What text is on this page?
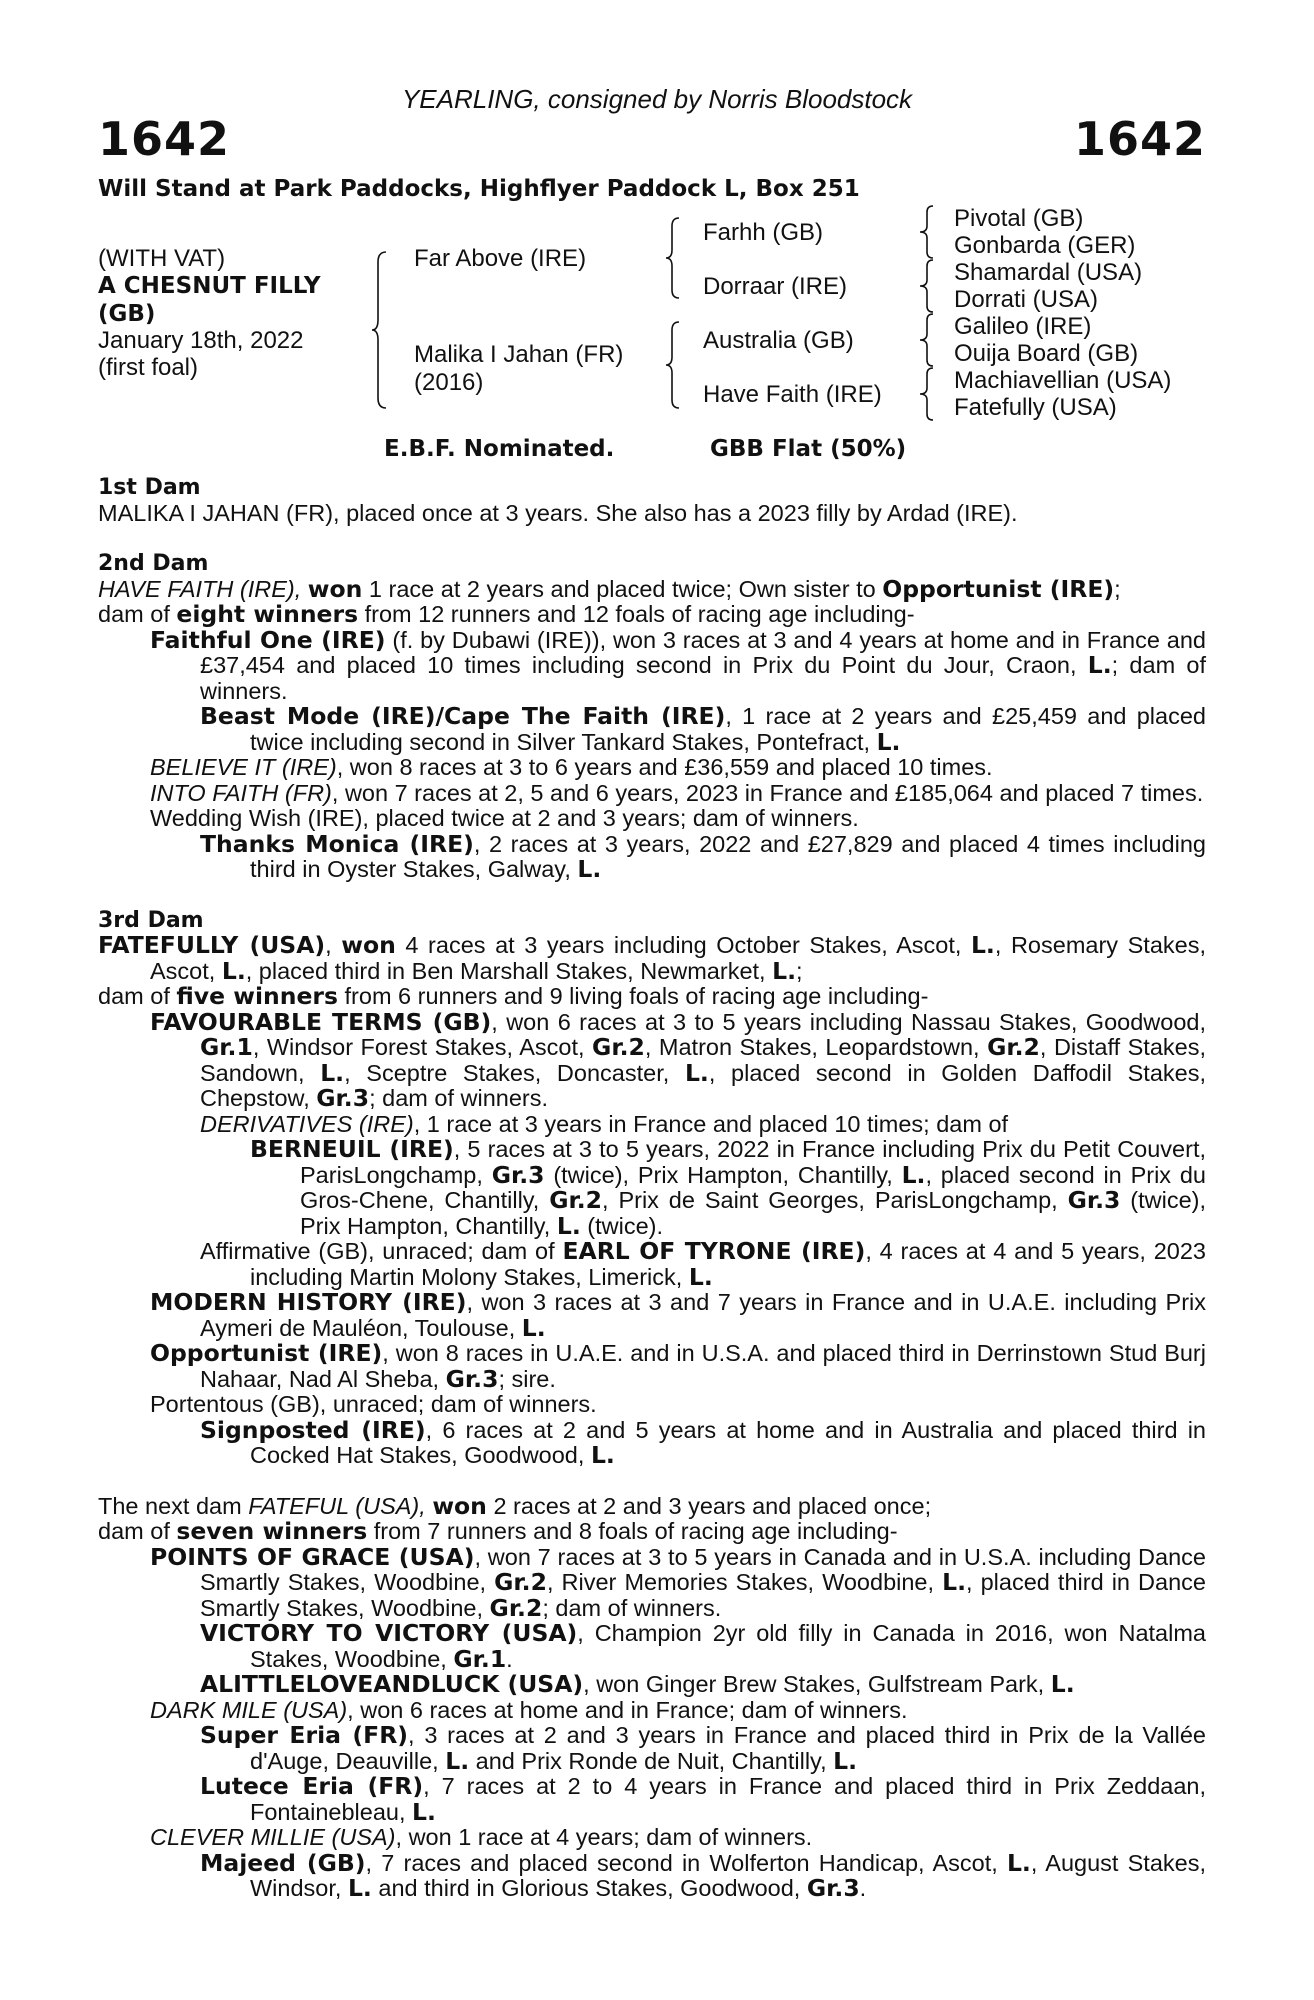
YEARLING, consigned by Norris Bloodstock
1642	1642
Will Stand at Park Paddocks, Highflyer Paddock L, Box 251
(WITH VAT)
A CHESNUT FILLY
(GB)
January 18th, 2022
(first foal)
Far Above (IRE)
Malika I Jahan (FR)
(2016)
Farhh (GB)
Dorraar (IRE)
Australia (GB)
Have Faith (IRE)
Pivotal (GB)
Gonbarda (GER)
Shamardal (USA)
Dorrati (USA)
Galileo (IRE)
Ouija Board (GB)
Machiavellian (USA)
Fatefully (USA)
E.B.F. Nominated.	GBB Flat (50%)

1st Dam

MALIKA I JAHAN (FR), placed once at 3 years. She also has a 2023 filly by Ardad (IRE).

2nd Dam

HAVE FAITH (IRE), won 1 race at 2 years and placed twice; Own sister to Opportunist (IRE);

dam of eight winners from 12 runners and 12 foals of racing age including-

Faithful One (IRE) (f. by Dubawi (IRE)), won 3 races at 3 and 4 years at home and in France and £37,454 and placed 10 times including second in Prix du Point du Jour, Craon, L.; dam of winners.

Beast Mode (IRE)/Cape The Faith (IRE), 1 race at 2 years and £25,459 and placed twice including second in Silver Tankard Stakes, Pontefract, L.

BELIEVE IT (IRE), won 8 races at 3 to 6 years and £36,559 and placed 10 times.

INTO FAITH (FR), won 7 races at 2, 5 and 6 years, 2023 in France and £185,064 and placed 7 times.

Wedding Wish (IRE), placed twice at 2 and 3 years; dam of winners.

Thanks Monica (IRE), 2 races at 3 years, 2022 and £27,829 and placed 4 times including third in Oyster Stakes, Galway, L.

3rd Dam

FATEFULLY (USA), won 4 races at 3 years including October Stakes, Ascot, L., Rosemary Stakes, Ascot, L., placed third in Ben Marshall Stakes, Newmarket, L.;

dam of five winners from 6 runners and 9 living foals of racing age including-

FAVOURABLE TERMS (GB), won 6 races at 3 to 5 years including Nassau Stakes, Goodwood, Gr.1, Windsor Forest Stakes, Ascot, Gr.2, Matron Stakes, Leopardstown, Gr.2, Distaff Stakes, Sandown, L., Sceptre Stakes, Doncaster, L., placed second in Golden Daffodil Stakes, Chepstow, Gr.3; dam of winners.

DERIVATIVES (IRE), 1 race at 3 years in France and placed 10 times; dam of

BERNEUIL (IRE), 5 races at 3 to 5 years, 2022 in France including Prix du Petit Couvert, ParisLongchamp, Gr.3 (twice), Prix Hampton, Chantilly, L., placed second in Prix du Gros-Chene, Chantilly, Gr.2, Prix de Saint Georges, ParisLongchamp, Gr.3 (twice), Prix Hampton, Chantilly, L. (twice).

Affirmative (GB), unraced; dam of EARL OF TYRONE (IRE), 4 races at 4 and 5 years, 2023 including Martin Molony Stakes, Limerick, L.

MODERN HISTORY (IRE), won 3 races at 3 and 7 years in France and in U.A.E. including Prix Aymeri de Mauléon, Toulouse, L.

Opportunist (IRE), won 8 races in U.A.E. and in U.S.A. and placed third in Derrinstown Stud Burj Nahaar, Nad Al Sheba, Gr.3; sire.

Portentous (GB), unraced; dam of winners.

Signposted (IRE), 6 races at 2 and 5 years at home and in Australia and placed third in Cocked Hat Stakes, Goodwood, L.

The next dam FATEFUL (USA), won 2 races at 2 and 3 years and placed once;

dam of seven winners from 7 runners and 8 foals of racing age including-

POINTS OF GRACE (USA), won 7 races at 3 to 5 years in Canada and in U.S.A. including Dance Smartly Stakes, Woodbine, Gr.2, River Memories Stakes, Woodbine, L., placed third in Dance Smartly Stakes, Woodbine, Gr.2; dam of winners.

VICTORY TO VICTORY (USA), Champion 2yr old filly in Canada in 2016, won Natalma Stakes, Woodbine, Gr.1.

ALITTLELOVEANDLUCK (USA), won Ginger Brew Stakes, Gulfstream Park, L.

DARK MILE (USA), won 6 races at home and in France; dam of winners.

Super Eria (FR), 3 races at 2 and 3 years in France and placed third in Prix de la Vallée d'Auge, Deauville, L. and Prix Ronde de Nuit, Chantilly, L.

Lutece Eria (FR), 7 races at 2 to 4 years in France and placed third in Prix Zeddaan, Fontainebleau, L.

CLEVER MILLIE (USA), won 1 race at 4 years; dam of winners.

Majeed (GB), 7 races and placed second in Wolferton Handicap, Ascot, L., August Stakes, Windsor, L. and third in Glorious Stakes, Goodwood, Gr.3.
